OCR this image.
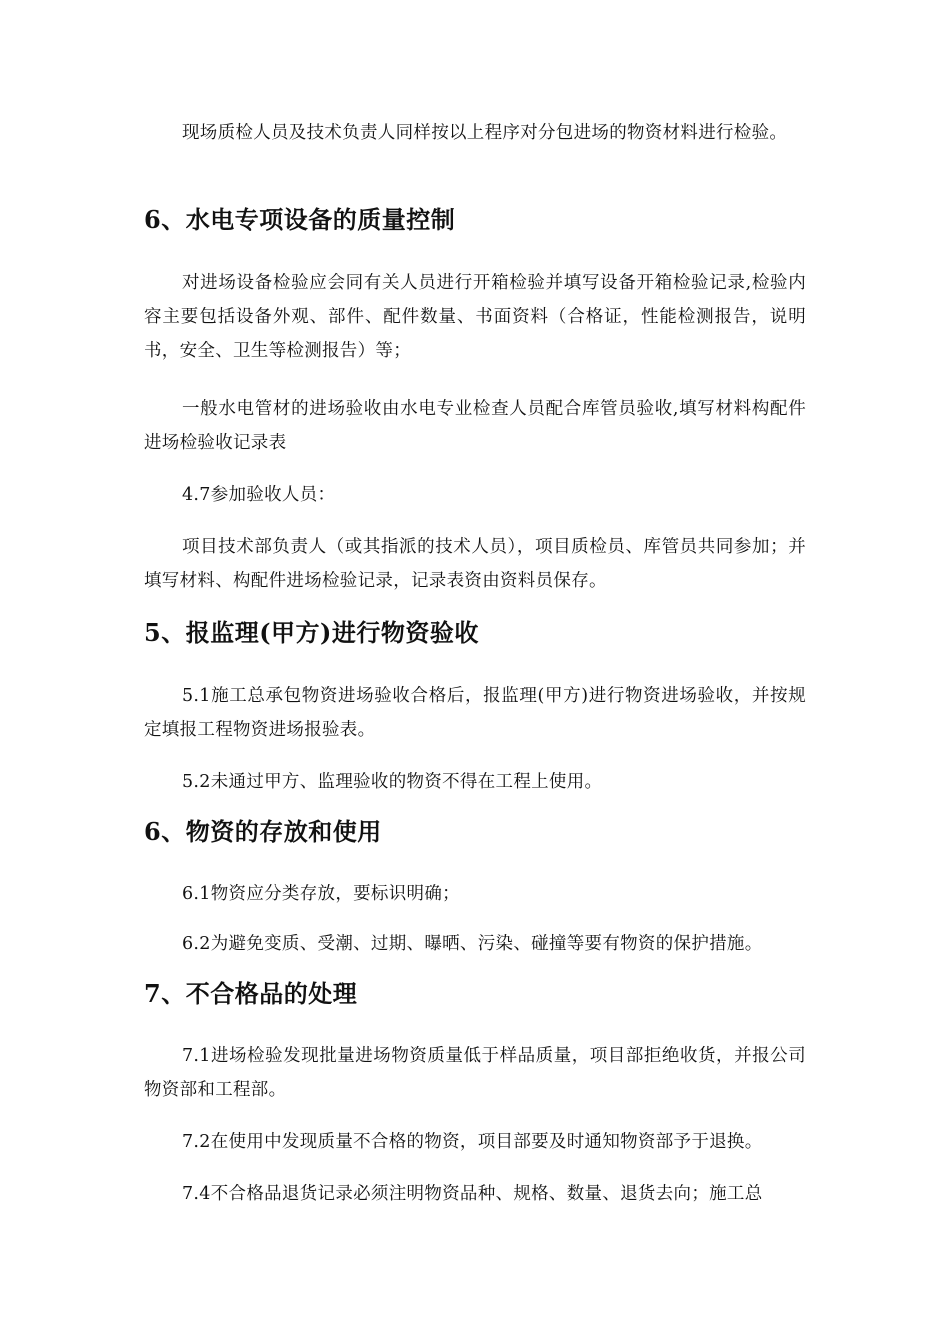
现场质检人员及技术负责人同样按以上程序对分包进场的物资材料进行检验。

6、水电专项设备的质量控制

对进场设备检验应会同有关人员进行开箱检验并填写设备开箱检验记录,检验内容主要包括设备外观、部件、配件数量、书面资料（合格证，性能检测报告，说明书，安全、卫生等检测报告）等；

一般水电管材的进场验收由水电专业检查人员配合库管员验收,填写材料构配件进场检验收记录表

4.7参加验收人员：

项目技术部负责人（或其指派的技术人员），项目质检员、库管员共同参加；并填写材料、构配件进场检验记录，记录表资由资料员保存。

5、报监理(甲方)进行物资验收

5.1施工总承包物资进场验收合格后，报监理(甲方)进行物资进场验收，并按规定填报工程物资进场报验表。

5.2未通过甲方、监理验收的物资不得在工程上使用。

6、物资的存放和使用

6.1物资应分类存放，要标识明确；

6.2为避免变质、受潮、过期、曝晒、污染、碰撞等要有物资的保护措施。

7、不合格品的处理

7.1进场检验发现批量进场物资质量低于样品质量，项目部拒绝收货，并报公司物资部和工程部。

7.2在使用中发现质量不合格的物资，项目部要及时通知物资部予于退换。

7.4不合格品退货记录必须注明物资品种、规格、数量、退货去向；施工总
